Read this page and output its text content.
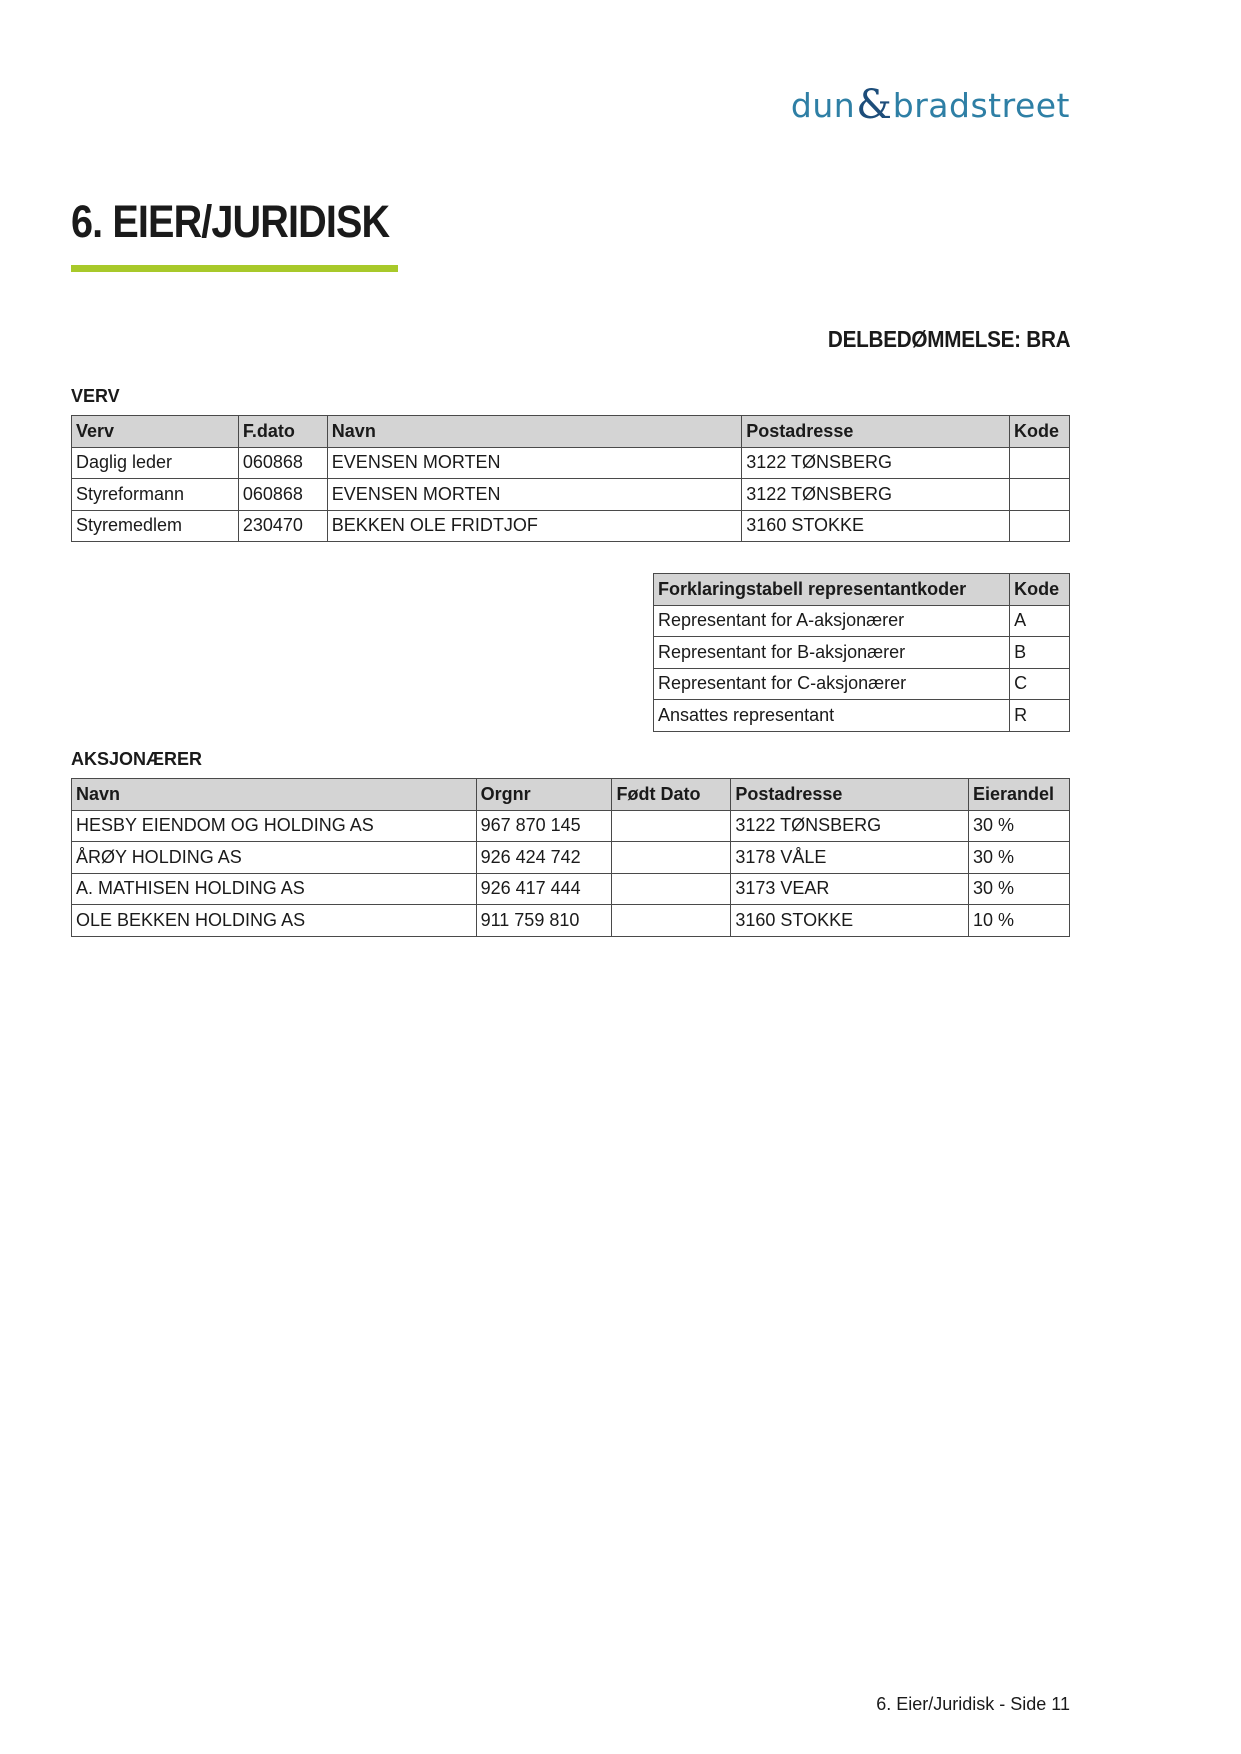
dun & bradstreet
6. EIER/JURIDISK
DELBEDØMMELSE: BRA
VERV
Verv	F.dato	Navn	Postadresse	Kode
Daglig leder	060868	EVENSEN MORTEN	3122 TØNSBERG	
Styreformann	060868	EVENSEN MORTEN	3122 TØNSBERG	
Styremedlem	230470	BEKKEN OLE FRIDTJOF	3160 STOKKE	
Forklaringstabell representantkoder	Kode
Representant for A-aksjonærer	A
Representant for B-aksjonærer	B
Representant for C-aksjonærer	C
Ansattes representant	R
AKSJONÆRER
Navn	Orgnr	Født Dato	Postadresse	Eierandel
HESBY EIENDOM OG HOLDING AS	967 870 145		3122 TØNSBERG	30 %
ÅRØY HOLDING AS	926 424 742		3178 VÅLE	30 %
A. MATHISEN HOLDING AS	926 417 444		3173 VEAR	30 %
OLE BEKKEN HOLDING AS	911 759 810		3160 STOKKE	10 %
6. Eier/Juridisk - Side 11
